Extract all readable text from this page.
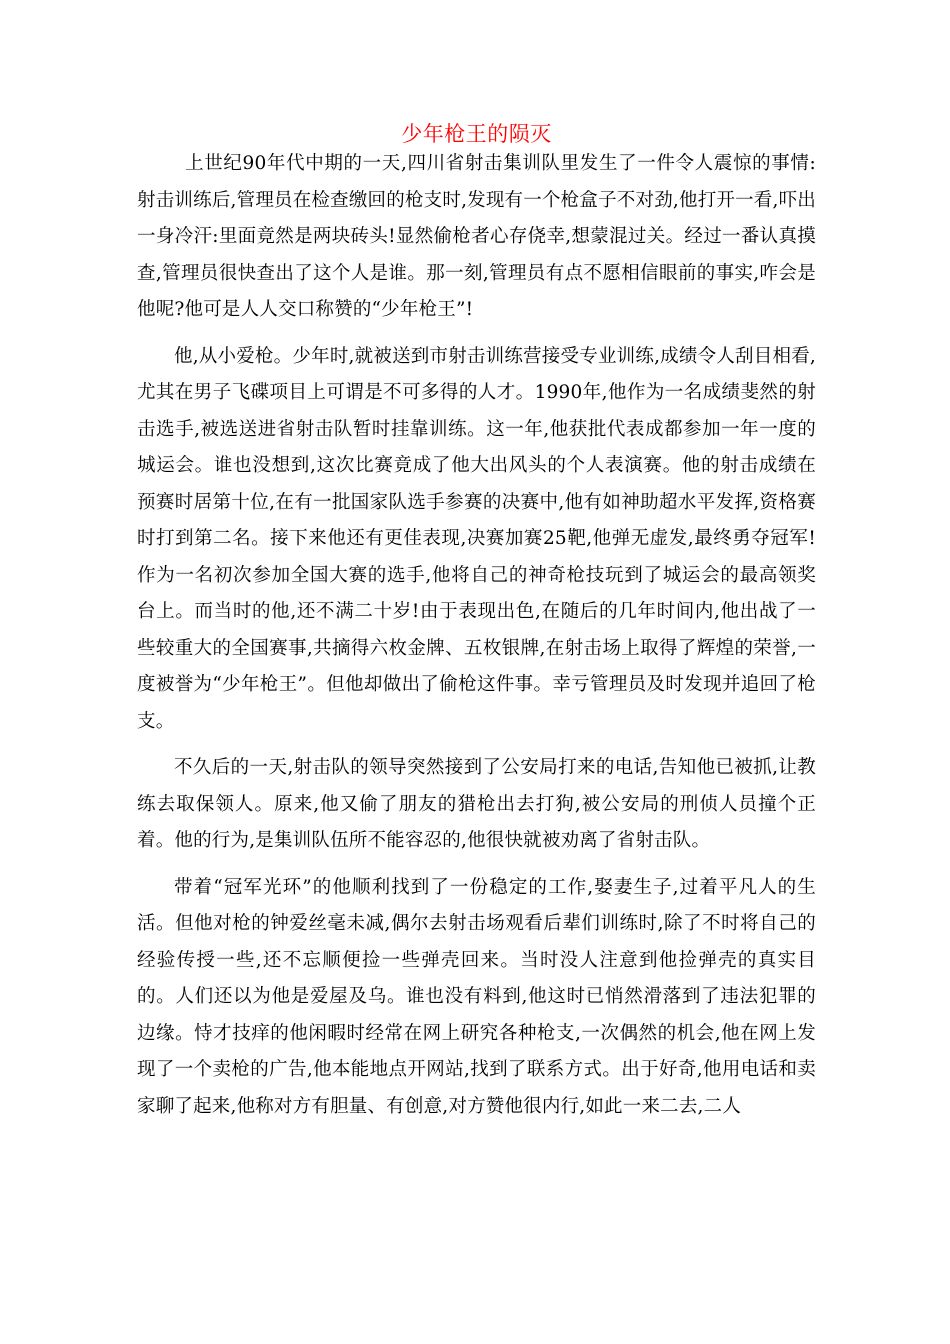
少年枪王的陨灭

上世纪90年代中期的一天,四川省射击集训队里发生了一件令人震惊的事情:射击训练后,管理员在检查缴回的枪支时,发现有一个枪盒子不对劲,他打开一看,吓出一身冷汗:里面竟然是两块砖头!显然偷枪者心存侥幸,想蒙混过关。经过一番认真摸查,管理员很快查出了这个人是谁。那一刻,管理员有点不愿相信眼前的事实,咋会是他呢?他可是人人交口称赞的“少年枪王”!

他,从小爱枪。少年时,就被送到市射击训练营接受专业训练,成绩令人刮目相看,尤其在男子飞碟项目上可谓是不可多得的人才。1990年,他作为一名成绩斐然的射击选手,被选送进省射击队暂时挂靠训练。这一年,他获批代表成都参加一年一度的城运会。谁也没想到,这次比赛竟成了他大出风头的个人表演赛。他的射击成绩在预赛时居第十位,在有一批国家队选手参赛的决赛中,他有如神助超水平发挥,资格赛时打到第二名。接下来他还有更佳表现,决赛加赛25靶,他弹无虚发,最终勇夺冠军!作为一名初次参加全国大赛的选手,他将自己的神奇枪技玩到了城运会的最高领奖台上。而当时的他,还不满二十岁!由于表现出色,在随后的几年时间内,他出战了一些较重大的全国赛事,共摘得六枚金牌、五枚银牌,在射击场上取得了辉煌的荣誉,一度被誉为“少年枪王”。但他却做出了偷枪这件事。幸亏管理员及时发现并追回了枪支。

不久后的一天,射击队的领导突然接到了公安局打来的电话,告知他已被抓,让教练去取保领人。原来,他又偷了朋友的猎枪出去打狗,被公安局的刑侦人员撞个正着。他的行为,是集训队伍所不能容忍的,他很快就被劝离了省射击队。

带着“冠军光环”的他顺利找到了一份稳定的工作,娶妻生子,过着平凡人的生活。但他对枪的钟爱丝毫未减,偶尔去射击场观看后辈们训练时,除了不时将自己的经验传授一些,还不忘顺便捡一些弹壳回来。当时没人注意到他捡弹壳的真实目的。人们还以为他是爱屋及乌。谁也没有料到,他这时已悄然滑落到了违法犯罪的边缘。恃才技痒的他闲暇时经常在网上研究各种枪支,一次偶然的机会,他在网上发现了一个卖枪的广告,他本能地点开网站,找到了联系方式。出于好奇,他用电话和卖家聊了起来,他称对方有胆量、有创意,对方赞他很内行,如此一来二去,二人
